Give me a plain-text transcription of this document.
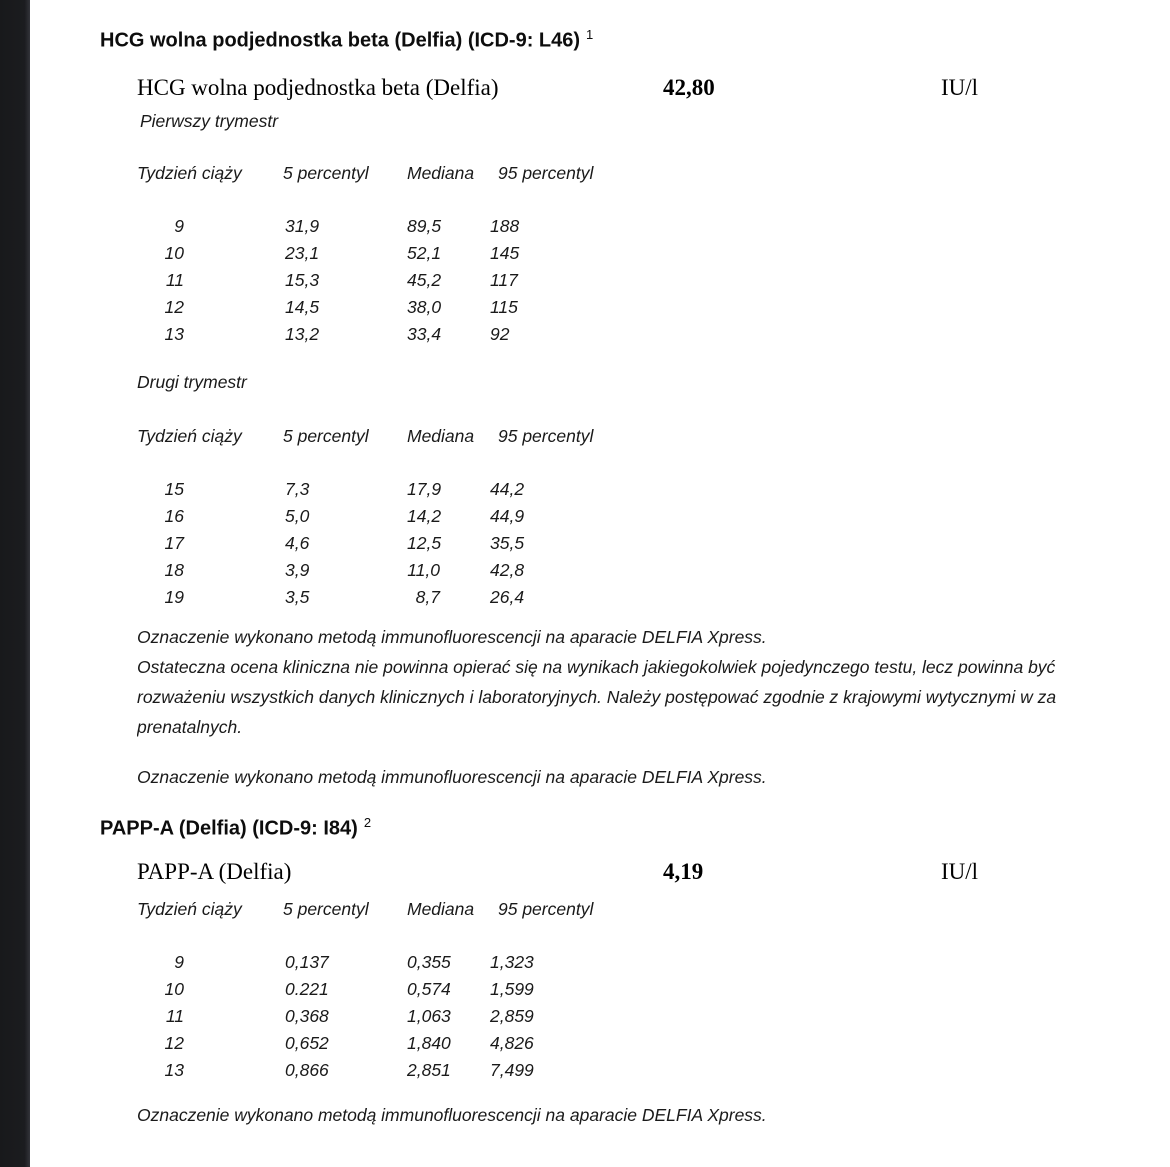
HCG wolna podjednostka beta (Delfia) (ICD-9: L46) $^1$
HCG wolna podjednostka beta (Delfia)	42,80	IU/l
Pierwszy trymestr
Tydzień ciąży	5 percentyl	Mediana	95 percentyl
9	31,9	89,5	188
10	23,1	52,1	145
11	15,3	45,2	117
12	14,5	38,0	115
13	13,2	33,4	92
Drugi trymestr
Tydzień ciąży	5 percentyl	Mediana	95 percentyl
15	7,3	17,9	44,2
16	5,0	14,2	44,9
17	4,6	12,5	35,5
18	3,9	11,0	42,8
19	3,5	8,7	26,4
Oznaczenie wykonano metodą immunofluorescencji na aparacie DELFIA Xpress.
Ostateczna ocena kliniczna nie powinna opierać się na wynikach jakiegokolwiek pojedynczego testu, lecz powinna być
rozważeniu wszystkich danych klinicznych i laboratoryjnych. Należy postępować zgodnie z krajowymi wytycznymi w za
prenatalnych.
Oznaczenie wykonano metodą immunofluorescencji na aparacie DELFIA Xpress.
PAPP-A (Delfia) (ICD-9: I84) $^2$
PAPP-A (Delfia)	4,19	IU/l
Tydzień ciąży	5 percentyl	Mediana	95 percentyl
9	0,137	0,355	1,323
10	0.221	0,574	1,599
11	0,368	1,063	2,859
12	0,652	1,840	4,826
13	0,866	2,851	7,499
Oznaczenie wykonano metodą immunofluorescencji na aparacie DELFIA Xpress.
